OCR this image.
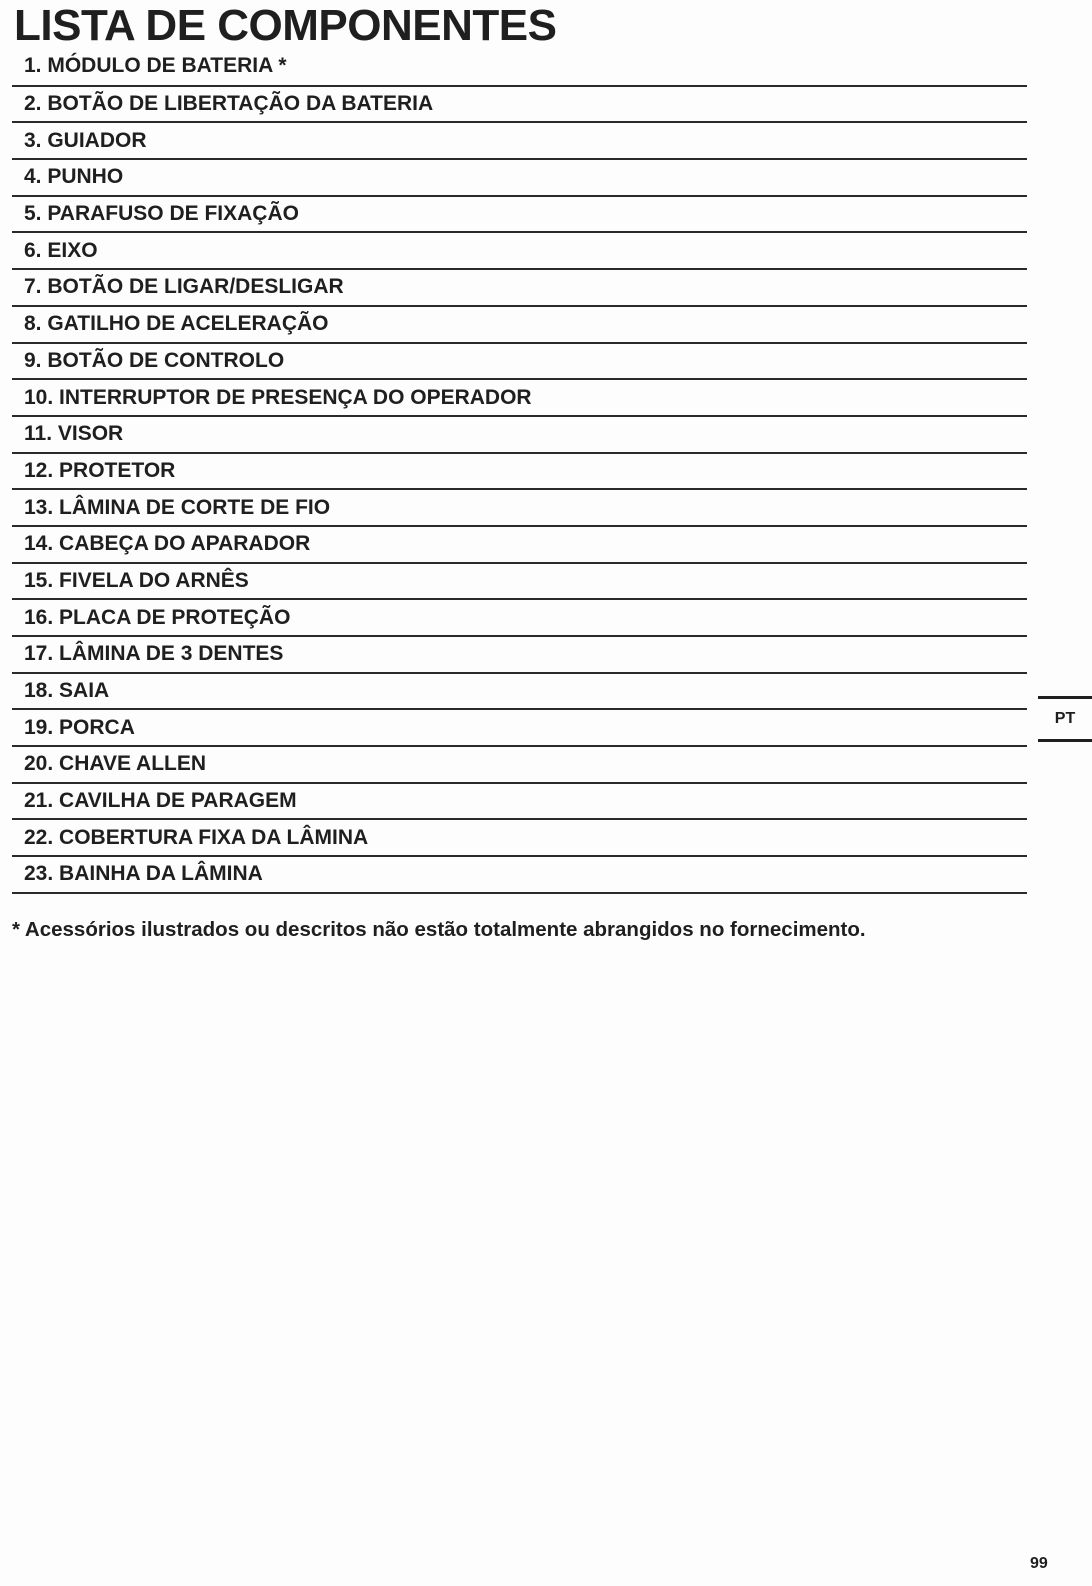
LISTA DE COMPONENTES
1. MÓDULO DE BATERIA *
2. BOTÃO DE LIBERTAÇÃO DA BATERIA
3. GUIADOR
4. PUNHO
5. PARAFUSO DE FIXAÇÃO
6. EIXO
7. BOTÃO DE LIGAR/DESLIGAR
8. GATILHO DE ACELERAÇÃO
9. BOTÃO DE CONTROLO
10. INTERRUPTOR DE PRESENÇA DO OPERADOR
11. VISOR
12. PROTETOR
13. LÂMINA DE CORTE DE FIO
14. CABEÇA DO APARADOR
15. FIVELA DO ARNÊS
16. PLACA DE PROTEÇÃO
17. LÂMINA DE 3 DENTES
18. SAIA
19. PORCA
20. CHAVE ALLEN
21. CAVILHA DE PARAGEM
22. COBERTURA FIXA DA LÂMINA
23. BAINHA DA LÂMINA

* Acessórios ilustrados ou descritos não estão totalmente abrangidos no fornecimento.

PT
99
